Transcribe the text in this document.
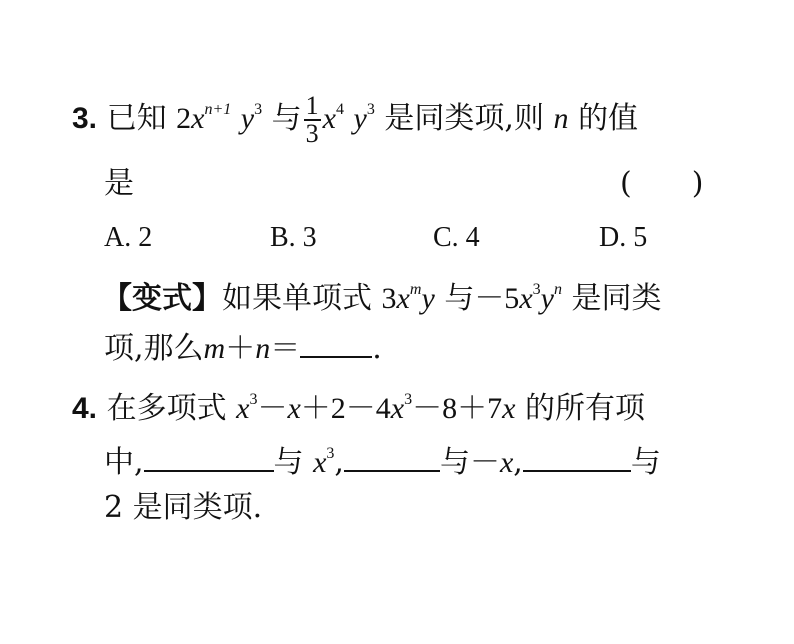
3. 已知 $2x^{n+1}$ $y^3$ 与 $\frac{1}{3} x^4$ $y^3$ 是同类项,则 n 的值
是	(　　)
A. 2	B. 3	C. 4	D. 5
【变式】如果单项式 $3x^my$ 与$-5x^3y^n$ 是同类
项,那么m＋n＝ .
4. 在多项式 $x^3-x+2-4x^3-8+7x$ 的所有项
中,	与 $x^3$,	与－x,	与
2 是同类项.
